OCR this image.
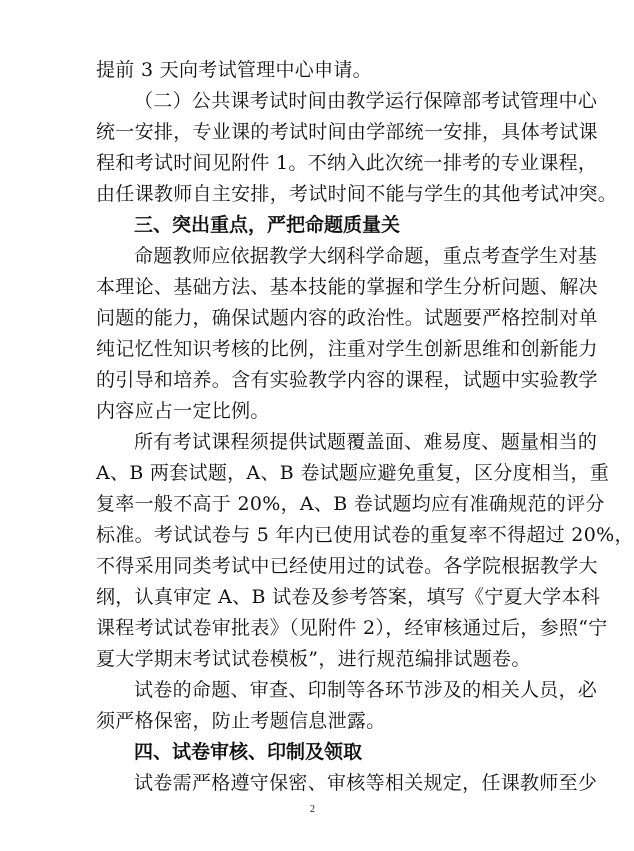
提前 3 天向考试管理中心申请。
（二）公共课考试时间由教学运行保障部考试管理中心
统一安排，专业课的考试时间由学部统一安排，具体考试课
程和考试时间见附件 1。不纳入此次统一排考的专业课程，
由任课教师自主安排，考试时间不能与学生的其他考试冲突。
三、突出重点，严把命题质量关
命题教师应依据教学大纲科学命题，重点考查学生对基
本理论、基础方法、基本技能的掌握和学生分析问题、解决
问题的能力，确保试题内容的政治性。试题要严格控制对单
纯记忆性知识考核的比例，注重对学生创新思维和创新能力
的引导和培养。含有实验教学内容的课程，试题中实验教学
内容应占一定比例。
所有考试课程须提供试题覆盖面、难易度、题量相当的
A、B 两套试题，A、B 卷试题应避免重复，区分度相当，重
复率一般不高于 20%，A、B 卷试题均应有准确规范的评分
标准。考试试卷与 5 年内已使用试卷的重复率不得超过 20%，
不得采用同类考试中已经使用过的试卷。各学院根据教学大
纲，认真审定 A、B 试卷及参考答案，填写《宁夏大学本科
课程考试试卷审批表》（见附件 2），经审核通过后，参照“宁
夏大学期末考试试卷模板”，进行规范编排试题卷。
试卷的命题、审查、印制等各环节涉及的相关人员，必
须严格保密，防止考题信息泄露。
四、试卷审核、印制及领取
试卷需严格遵守保密、审核等相关规定，任课教师至少
2
